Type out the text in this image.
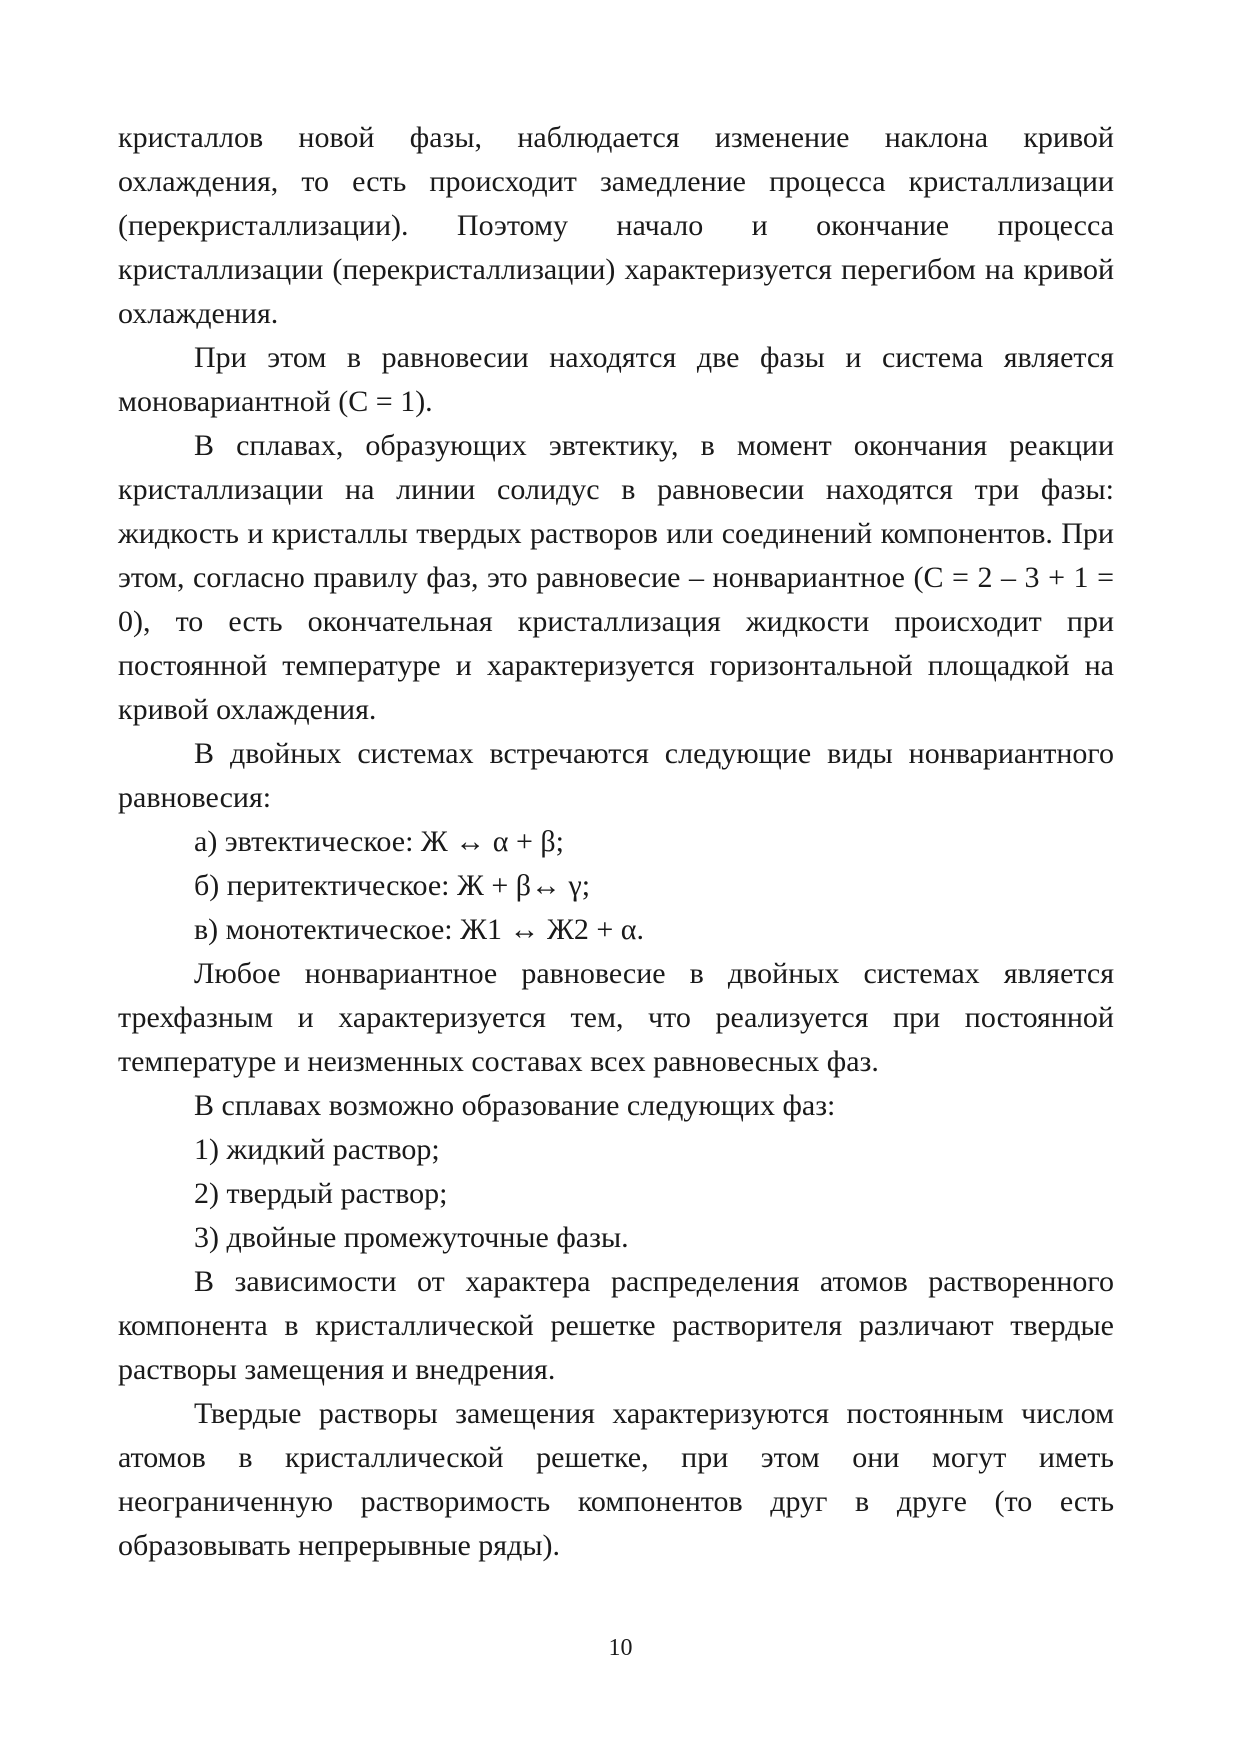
кристаллов новой фазы, наблюдается изменение наклона кривой охлаждения, то есть происходит замедление процесса кристаллизации (перекристаллизации). Поэтому начало и окончание процесса кристаллизации (перекристаллизации) характеризуется перегибом на кривой охлаждения.

При этом в равновесии находятся две фазы и система является моновариантной (С = 1).

В сплавах, образующих эвтектику, в момент окончания реакции кристаллизации на линии солидус в равновесии находятся три фазы: жидкость и кристаллы твердых растворов или соединений компонентов. При этом, согласно правилу фаз, это равновесие – нонвариантное (С = 2 – 3 + 1 = 0), то есть окончательная кристаллизация жидкости происходит при постоянной температуре и характеризуется горизонтальной площадкой на кривой охлаждения.

В двойных системах встречаются следующие виды нонвариантного равновесия:

а) эвтектическое: Ж ↔ α + β;

б) перитектическое: Ж + β↔ γ;

в) монотектическое: Ж1 ↔ Ж2 + α.

Любое нонвариантное равновесие в двойных системах является трехфазным и характеризуется тем, что реализуется при постоянной температуре и неизменных составах всех равновесных фаз.

В сплавах возможно образование следующих фаз:

1) жидкий раствор;

2) твердый раствор;

3) двойные промежуточные фазы.

В зависимости от характера распределения атомов растворенного компонента в кристаллической решетке растворителя различают твердые растворы замещения и внедрения.

Твердые растворы замещения характеризуются постоянным числом атомов в кристаллической решетке, при этом они могут иметь неограниченную растворимость компонентов друг в друге (то есть образовывать непрерывные ряды).

10
